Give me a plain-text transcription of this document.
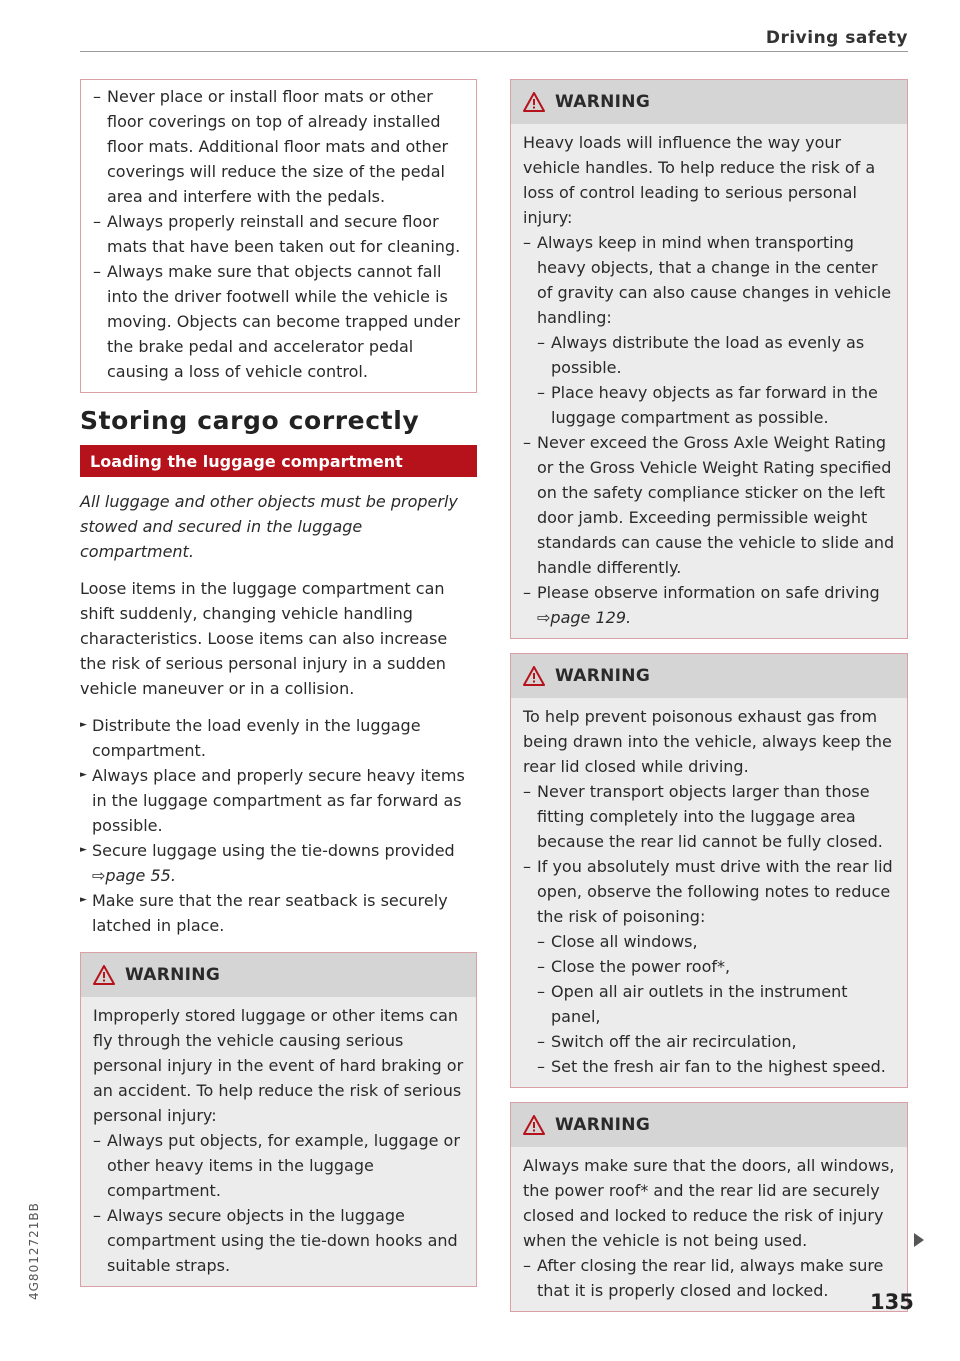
Driving safety
4G8012721BB
– Never place or install floor mats or other floor coverings on top of already installed floor mats. Additional floor mats and other coverings will reduce the size of the pedal area and interfere with the pedals.
– Always properly reinstall and secure floor mats that have been taken out for cleaning.
– Always make sure that objects cannot fall into the driver footwell while the vehicle is moving. Objects can become trapped under the brake pedal and accelerator pedal causing a loss of vehicle control.
Storing cargo correctly
Loading the luggage compartment

All luggage and other objects must be properly stowed and secured in the luggage compartment.

Loose items in the luggage compartment can shift suddenly, changing vehicle handling characteristics. Loose items can also increase the risk of serious personal injury in a sudden vehicle maneuver or in a collision.

► Distribute the load evenly in the luggage compartment.
► Always place and properly secure heavy items in the luggage compartment as far forward as possible.
► Secure luggage using the tie-downs provided
⇨page 55.
► Make sure that the rear seatback is securely latched in place.
WARNING

Improperly stored luggage or other items can fly through the vehicle causing serious personal injury in the event of hard braking or an accident. To help reduce the risk of serious personal injury:

– Always put objects, for example, luggage or other heavy items in the luggage compartment.
– Always secure objects in the luggage compartment using the tie-down hooks and suitable straps.
WARNING

Heavy loads will influence the way your vehicle handles. To help reduce the risk of a loss of control leading to serious personal injury:

– Always keep in mind when transporting heavy objects, that a change in the center of gravity can also cause changes in vehicle handling:
– Always distribute the load as evenly as possible.
– Place heavy objects as far forward in the luggage compartment as possible.
– Never exceed the Gross Axle Weight Rating or the Gross Vehicle Weight Rating specified on the safety compliance sticker on the left door jamb. Exceeding permissible weight standards can cause the vehicle to slide and handle differently.
– Please observe information on safe driving
⇨page 129.
WARNING

To help prevent poisonous exhaust gas from being drawn into the vehicle, always keep the rear lid closed while driving.

– Never transport objects larger than those fitting completely into the luggage area because the rear lid cannot be fully closed.
– If you absolutely must drive with the rear lid open, observe the following notes to reduce the risk of poisoning:
– Close all windows,
– Close the power roof*,
– Open all air outlets in the instrument panel,
– Switch off the air recirculation,
– Set the fresh air fan to the highest speed.
WARNING

Always make sure that the doors, all windows, the power roof* and the rear lid are securely closed and locked to reduce the risk of injury when the vehicle is not being used.

– After closing the rear lid, always make sure that it is properly closed and locked.	135
